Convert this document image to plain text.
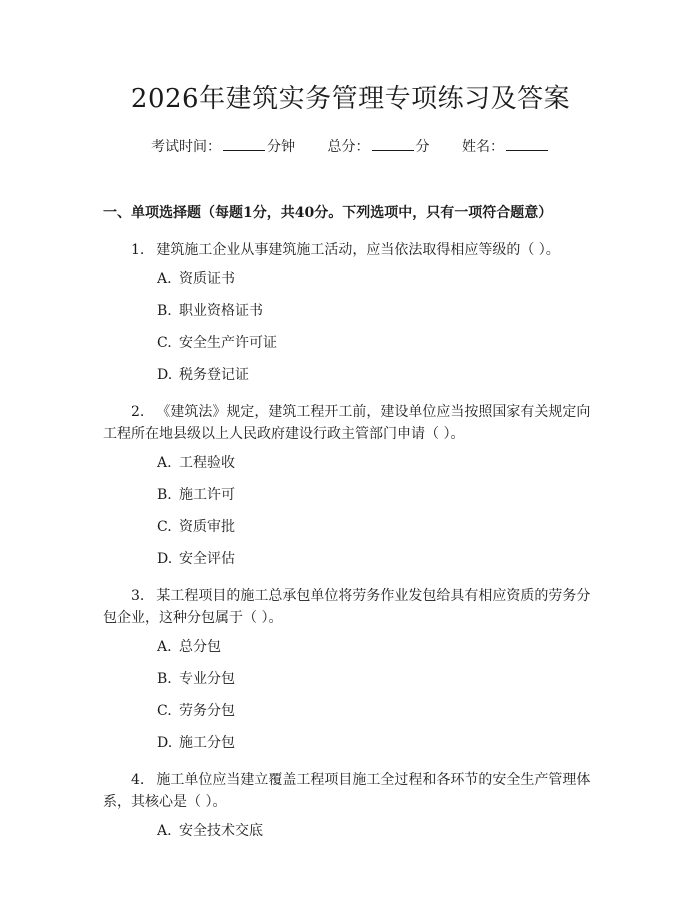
2026年建筑实务管理专项练习及答案
考试时间：	分钟 总分：	分 姓名：
一、单项选择题（每题1分，共40分。下列选项中，只有一项符合题意）
1. 建筑施工企业从事建筑施工活动，应当依法取得相应等级的（ ）。
A. 资质证书
B. 职业资格证书
C. 安全生产许可证
D. 税务登记证
2. 《建筑法》规定，建筑工程开工前，建设单位应当按照国家有关规定向工程所在地县级以上人民政府建设行政主管部门申请（ ）。
A. 工程验收
B. 施工许可
C. 资质审批
D. 安全评估
3. 某工程项目的施工总承包单位将劳务作业发包给具有相应资质的劳务分包企业，这种分包属于（ ）。
A. 总分包
B. 专业分包
C. 劳务分包
D. 施工分包
4. 施工单位应当建立覆盖工程项目施工全过程和各环节的安全生产管理体系，其核心是（ ）。
A. 安全技术交底
